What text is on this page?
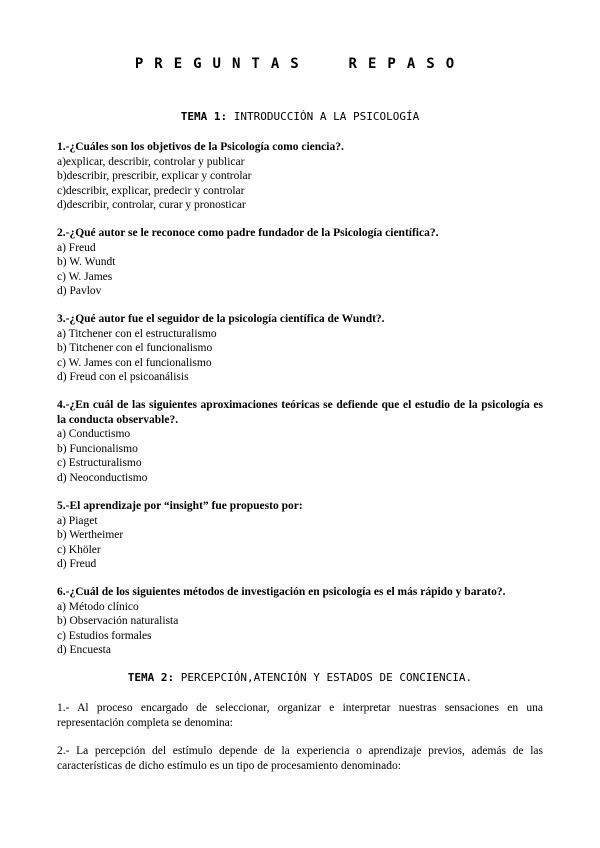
PREGUNTAS  REPASO
TEMA 1: INTRODUCCIÓN A LA PSICOLOGÍA

1.-¿Cuáles son los objetivos de la Psicología como ciencia?.

a)explicar, describir, controlar y publicar
b)describir, prescribir, explicar y controlar
c)describir, explicar, predecir y controlar
d)describir, controlar, curar y pronosticar

2.-¿Qué autor se le reconoce como padre fundador de la Psicología científica?.

a) Freud
b) W. Wundt
c) W. James
d) Pavlov

3.-¿Qué autor fue el seguidor de la psicología científica de Wundt?.

a) Titchener con el estructuralismo
b) Titchener con el funcionalismo
c) W. James con el funcionalismo
d) Freud con el psicoanálisis

4.-¿En cuál de las siguientes aproximaciones teóricas se defiende que el estudio de la psicología es la conducta observable?.

a) Conductismo
b) Funcionalismo
c) Estructuralismo
d) Neoconductismo

5.-El aprendizaje por “insight” fue propuesto por:

a) Piaget
b) Wertheimer
c) Khöler
d) Freud

6.-¿Cuál de los siguientes métodos de investigación en psicología es el más rápido y barato?.

a) Método clínico
b) Observación naturalista
c) Estudios formales
d) Encuesta
TEMA 2: PERCEPCIÓN,ATENCIÓN Y ESTADOS DE CONCIENCIA.

1.- Al proceso encargado de seleccionar, organizar e interpretar nuestras sensaciones en una representación completa se denomina:

2.- La percepción del estímulo depende de la experiencia o aprendizaje previos, además de las características de dicho estímulo es un tipo de procesamiento denominado:
